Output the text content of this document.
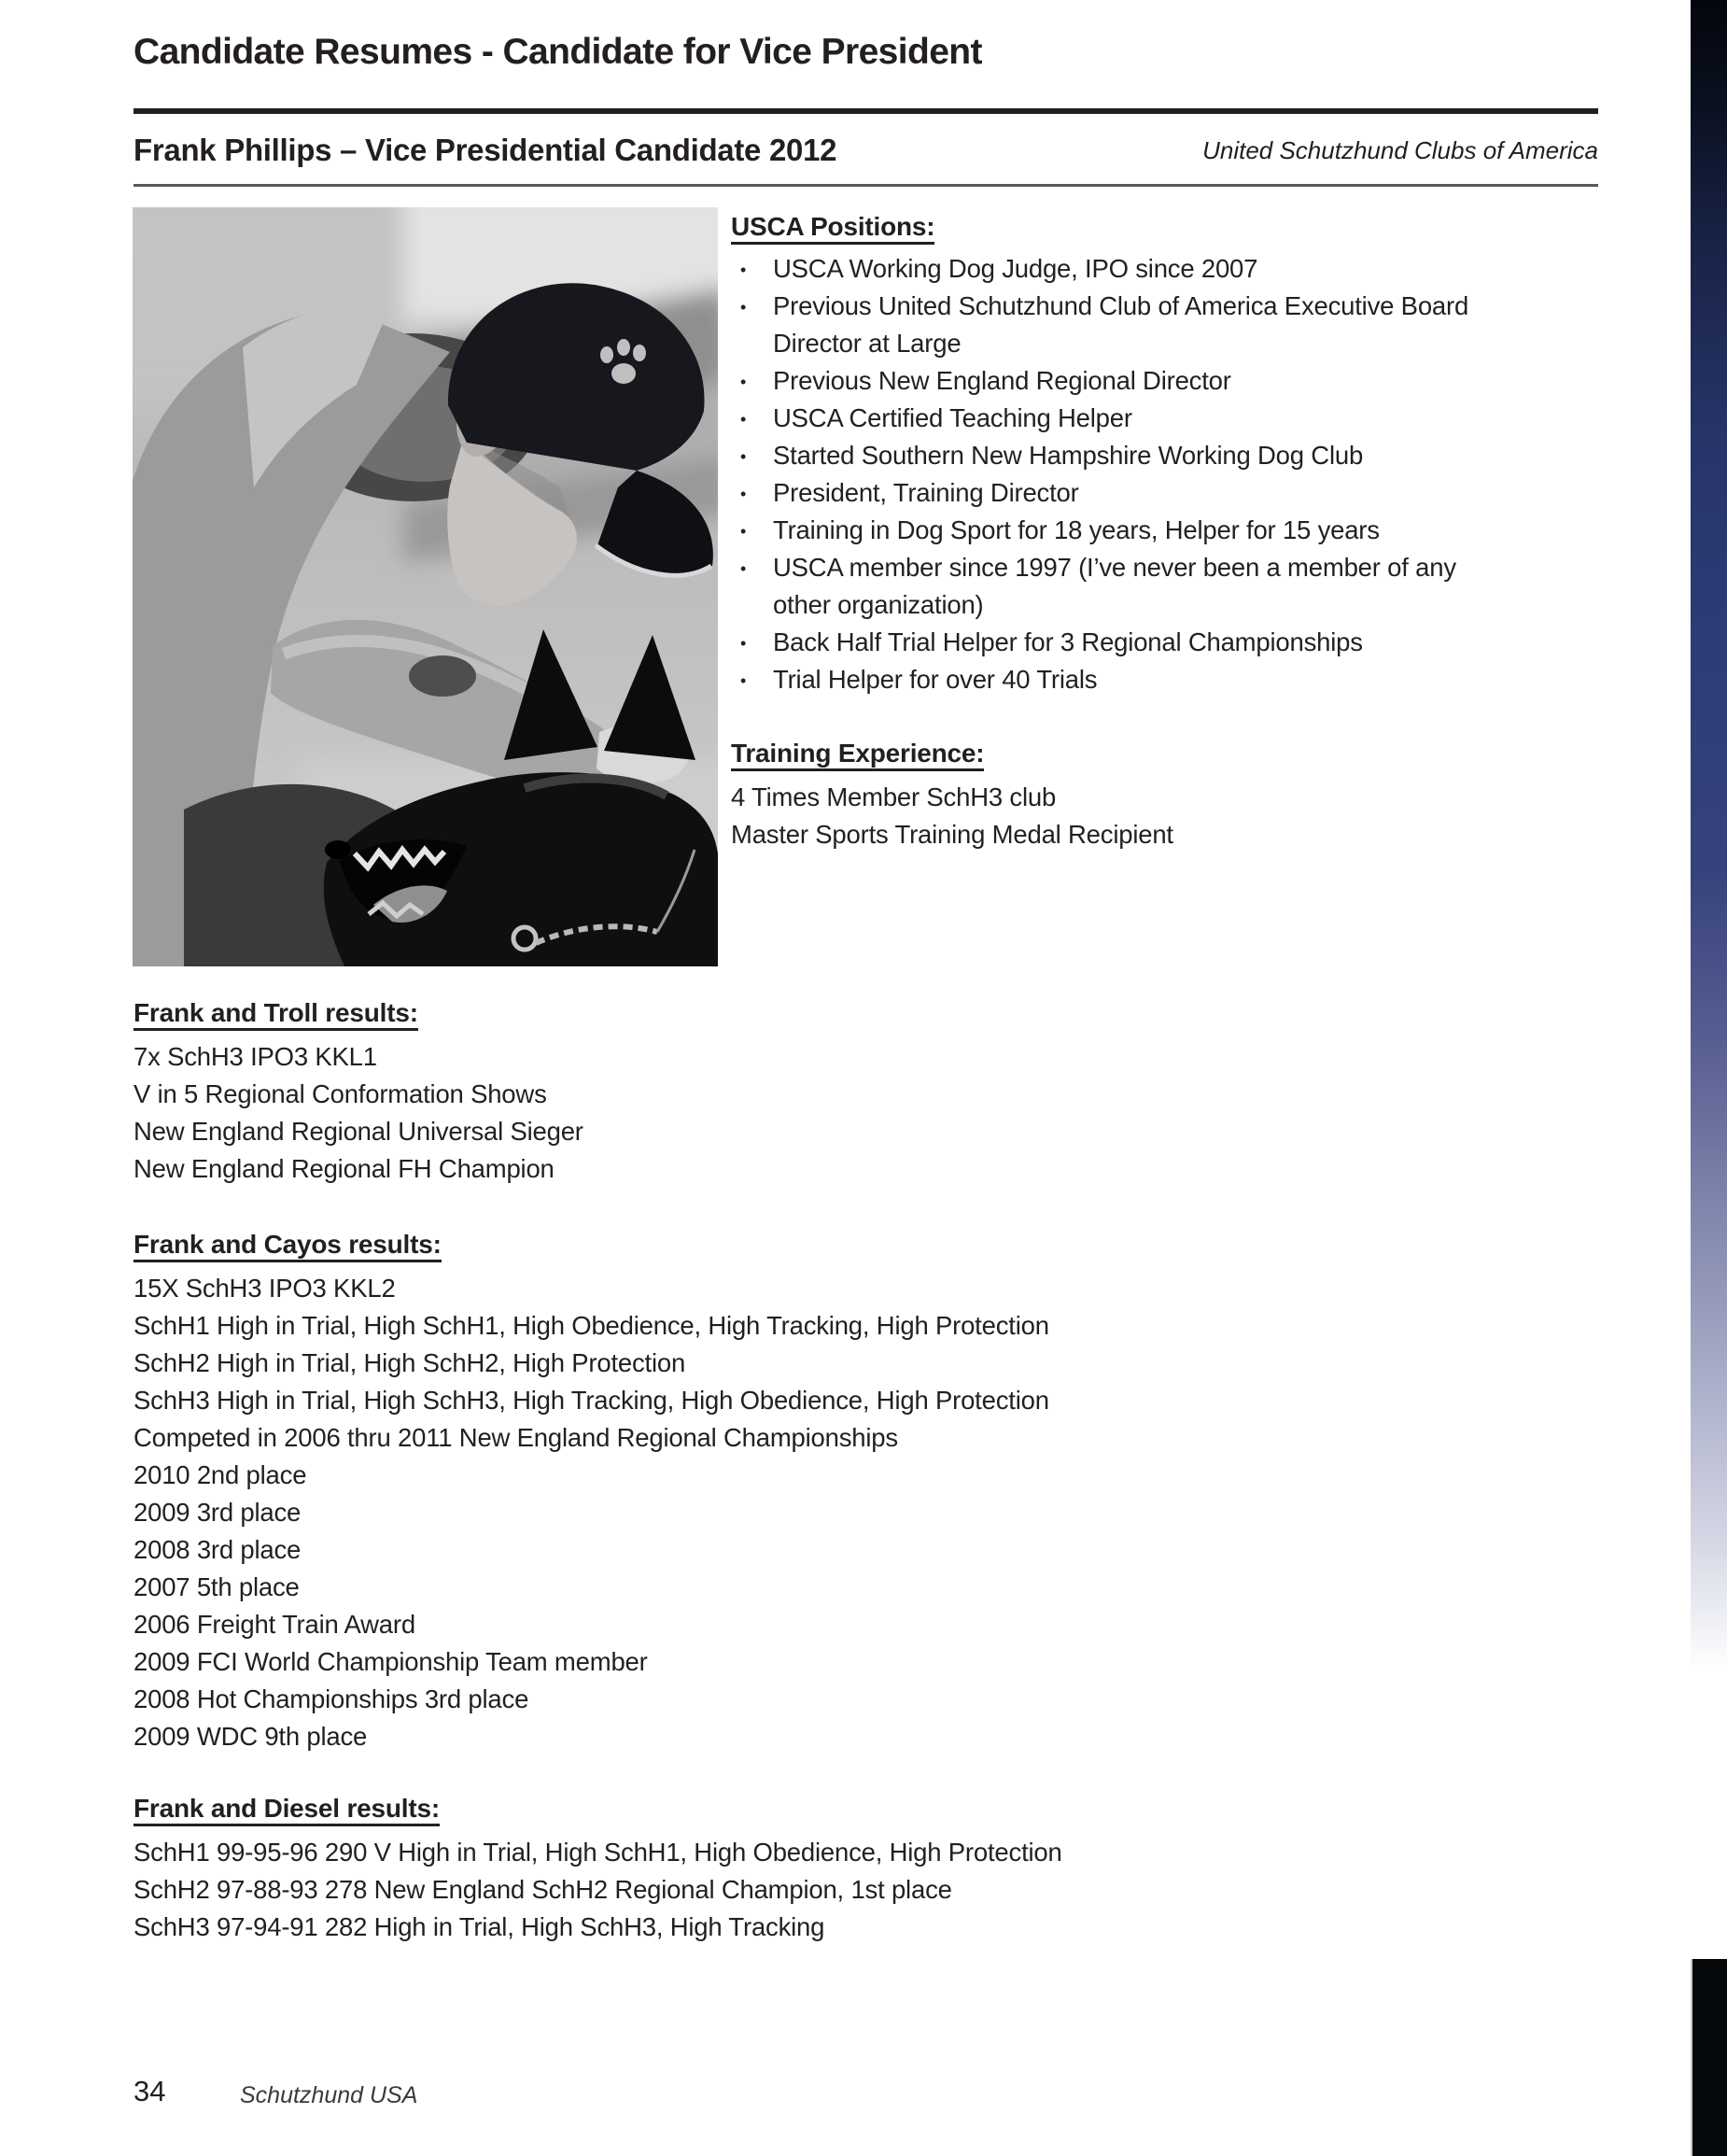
Candidate Resumes - Candidate for Vice President
Frank Phillips – Vice Presidential Candidate 2012	United Schutzhund Clubs of America

USCA Positions:

• USCA Working Dog Judge, IPO since 2007
• Previous United Schutzhund Club of America Executive Board Director at Large
• Previous New England Regional Director
• USCA Certified Teaching Helper
• Started Southern New Hampshire Working Dog Club
• President, Training Director
• Training in Dog Sport for 18 years, Helper for 15 years
• USCA member since 1997 (I’ve never been a member of any other organization)
• Back Half Trial Helper for 3 Regional Championships
• Trial Helper for over 40 Trials

Training Experience:

4 Times Member SchH3 club

Master Sports Training Medal Recipient

Frank and Troll results:

7x SchH3 IPO3 KKL1

V in 5 Regional Conformation Shows

New England Regional Universal Sieger

New England Regional FH Champion

Frank and Cayos results:

15X SchH3 IPO3 KKL2

SchH1 High in Trial, High SchH1, High Obedience, High Tracking, High Protection

SchH2 High in Trial, High SchH2, High Protection

SchH3 High in Trial, High SchH3, High Tracking, High Obedience, High Protection

Competed in 2006 thru 2011 New England Regional Championships

2010 2nd place

2009 3rd place

2008 3rd place

2007 5th place

2006 Freight Train Award

2009 FCI World Championship Team member

2008 Hot Championships 3rd place

2009 WDC 9th place

Frank and Diesel results:

SchH1 99-95-96 290 V High in Trial, High SchH1, High Obedience, High Protection

SchH2 97-88-93 278 New England SchH2 Regional Champion, 1st place

SchH3 97-94-91 282 High in Trial, High SchH3, High Tracking

34	Schutzhund USA
